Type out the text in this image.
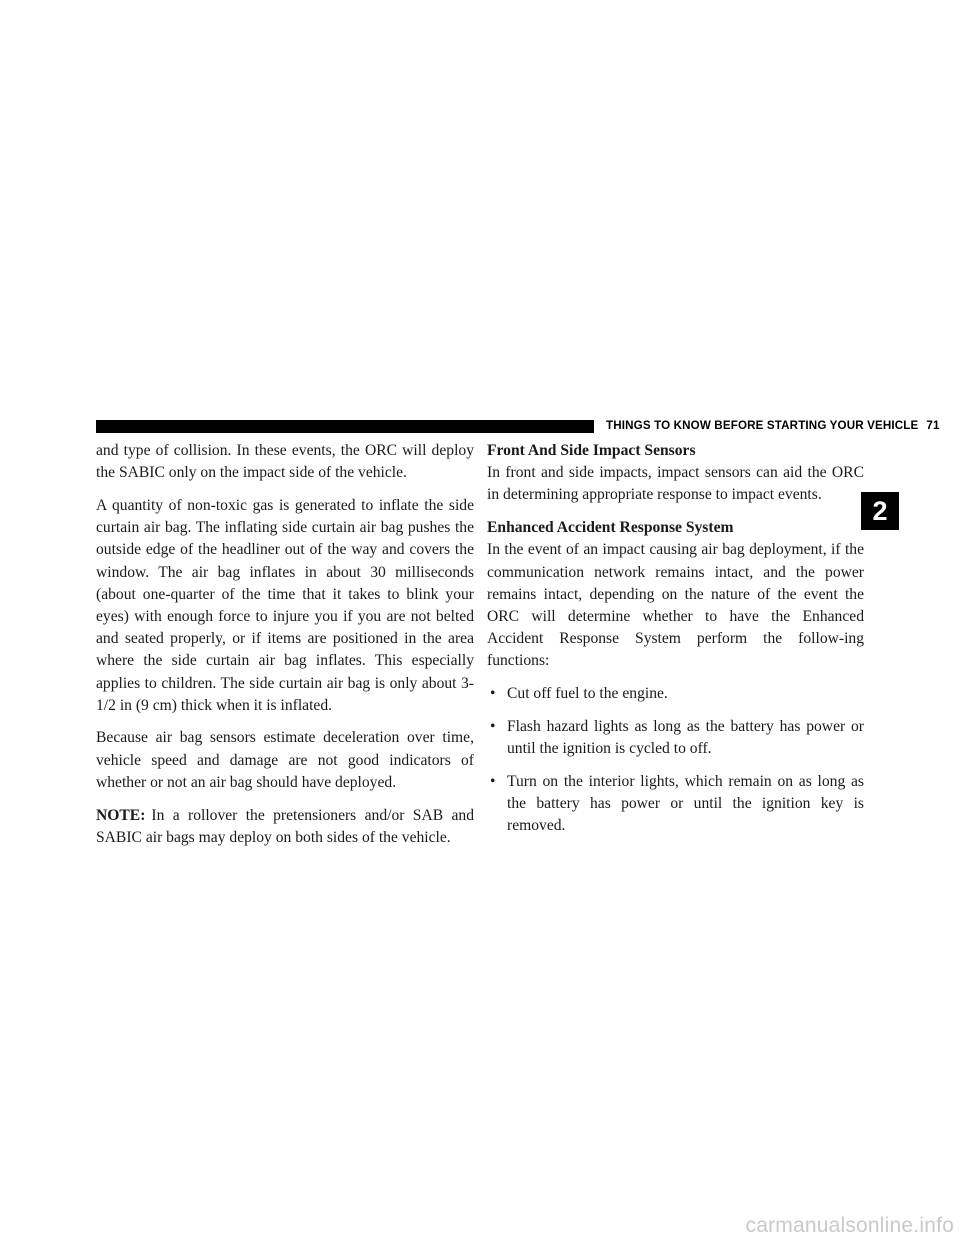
THINGS TO KNOW BEFORE STARTING YOUR VEHICLE 71
2

and type of collision. In these events, the ORC will deploy the SABIC only on the impact side of the vehicle.

A quantity of non-toxic gas is generated to inflate the side curtain air bag. The inflating side curtain air bag pushes the outside edge of the headliner out of the way and covers the window. The air bag inflates in about 30 milliseconds (about one-quarter of the time that it takes to blink your eyes) with enough force to injure you if you are not belted and seated properly, or if items are positioned in the area where the side curtain air bag inflates. This especially applies to children. The side curtain air bag is only about 3-1/2 in (9 cm) thick when it is inflated.

Because air bag sensors estimate deceleration over time, vehicle speed and damage are not good indicators of whether or not an air bag should have deployed.

NOTE: In a rollover the pretensioners and/or SAB and SABIC air bags may deploy on both sides of the vehicle.

Front And Side Impact Sensors

In front and side impacts, impact sensors can aid the ORC in determining appropriate response to impact events.

Enhanced Accident Response System

In the event of an impact causing air bag deployment, if the communication network remains intact, and the power remains intact, depending on the nature of the event the ORC will determine whether to have the Enhanced Accident Response System perform the follow-ing functions:

• Cut off fuel to the engine.
• Flash hazard lights as long as the battery has power or until the ignition is cycled to off.
• Turn on the interior lights, which remain on as long as the battery has power or until the ignition key is removed.
carmanualsonline.info
